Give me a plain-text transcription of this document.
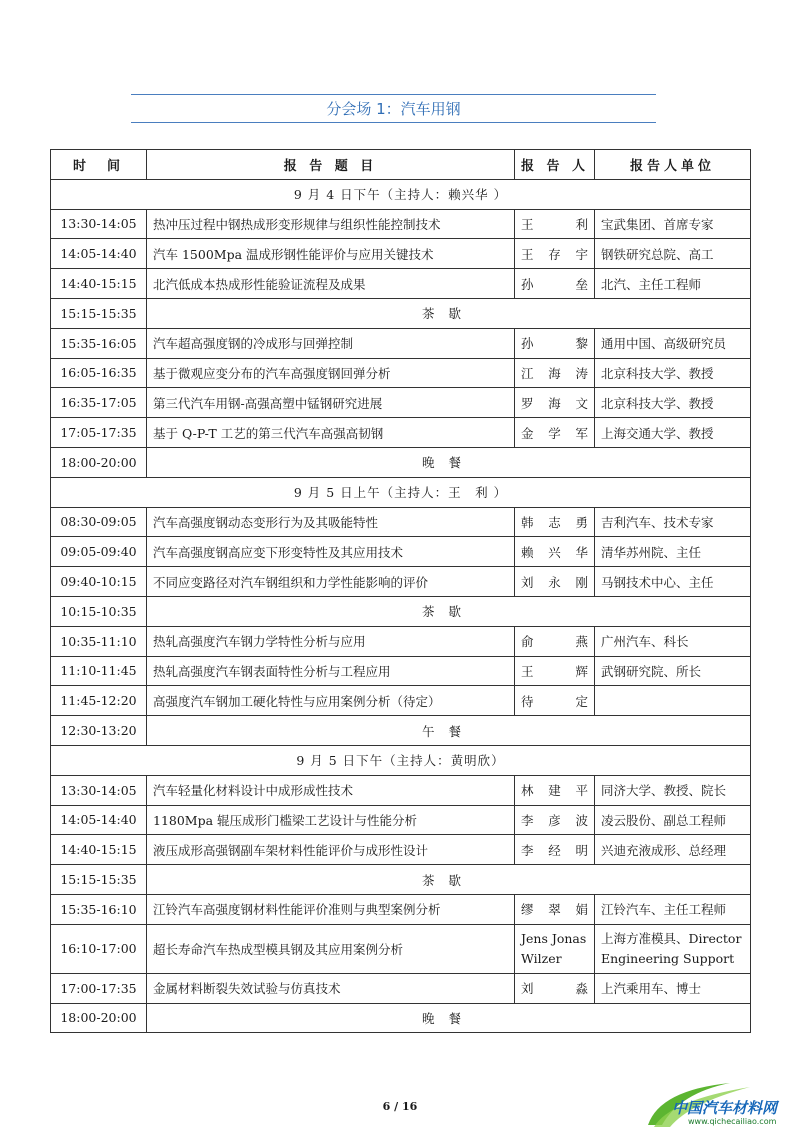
分会场 1：汽车用钢
时　间	报 告 题 目	报 告 人	报告人单位
9 月 4 日下午（主持人：赖兴华 ）			
13:30-14:05	热冲压过程中钢热成形变形规律与组织性能控制技术	王 利	宝武集团、首席专家
14:05-14:40	汽车 1500Mpa 温成形钢性能评价与应用关键技术	王 存 宇	钢铁研究总院、高工
14:40-15:15	北汽低成本热成形性能验证流程及成果	孙 垒	北汽、主任工程师
15:15-15:35	茶歇		
15:35-16:05	汽车超高强度钢的冷成形与回弹控制	孙 黎	通用中国、高级研究员
16:05-16:35	基于微观应变分布的汽车高强度钢回弹分析	江 海 涛	北京科技大学、教授
16:35-17:05	第三代汽车用钢-高强高塑中锰钢研究进展	罗 海 文	北京科技大学、教授
17:05-17:35	基于 Q-P-T 工艺的第三代汽车高强高韧钢	金 学 军	上海交通大学、教授
18:00-20:00	晚餐		
9 月 5 日上午（主持人：王　利 ）			
08:30-09:05	汽车高强度钢动态变形行为及其吸能特性	韩 志 勇	吉利汽车、技术专家
09:05-09:40	汽车高强度钢高应变下形变特性及其应用技术	赖 兴 华	清华苏州院、主任
09:40-10:15	不同应变路径对汽车钢组织和力学性能影响的评价	刘 永 刚	马钢技术中心、主任
10:15-10:35	茶歇		
10:35-11:10	热轧高强度汽车钢力学特性分析与应用	俞 燕	广州汽车、科长
11:10-11:45	热轧高强度汽车钢表面特性分析与工程应用	王 辉	武钢研究院、所长
11:45-12:20	高强度汽车钢加工硬化特性与应用案例分析（待定）	待 定	

12:30-13:20	午餐		
9 月 5 日下午（主持人：黄明欣）			
13:30-14:05	汽车轻量化材料设计中成形成性技术	林 建 平	同济大学、教授、院长
14:05-14:40	1180Mpa 辊压成形门槛梁工艺设计与性能分析	李 彦 波	凌云股份、副总工程师
14:40-15:15	液压成形高强钢副车架材料性能评价与成形性设计	李 经 明	兴迪充液成形、总经理
15:15-15:35	茶歇		
15:35-16:10	江铃汽车高强度钢材料性能评价准则与典型案例分析	缪 翠 娟	江铃汽车、主任工程师
16:10-17:00	超长寿命汽车热成型模具钢及其应用案例分析	Jens Jonas Wilzer	上海方准模具、Director Engineering Support
17:00-17:35	金属材料断裂失效试验与仿真技术	刘 淼	上汽乘用车、博士
18:00-20:00	晚餐		
6 / 16	中国汽车材料网
www.qichecailiao.com
